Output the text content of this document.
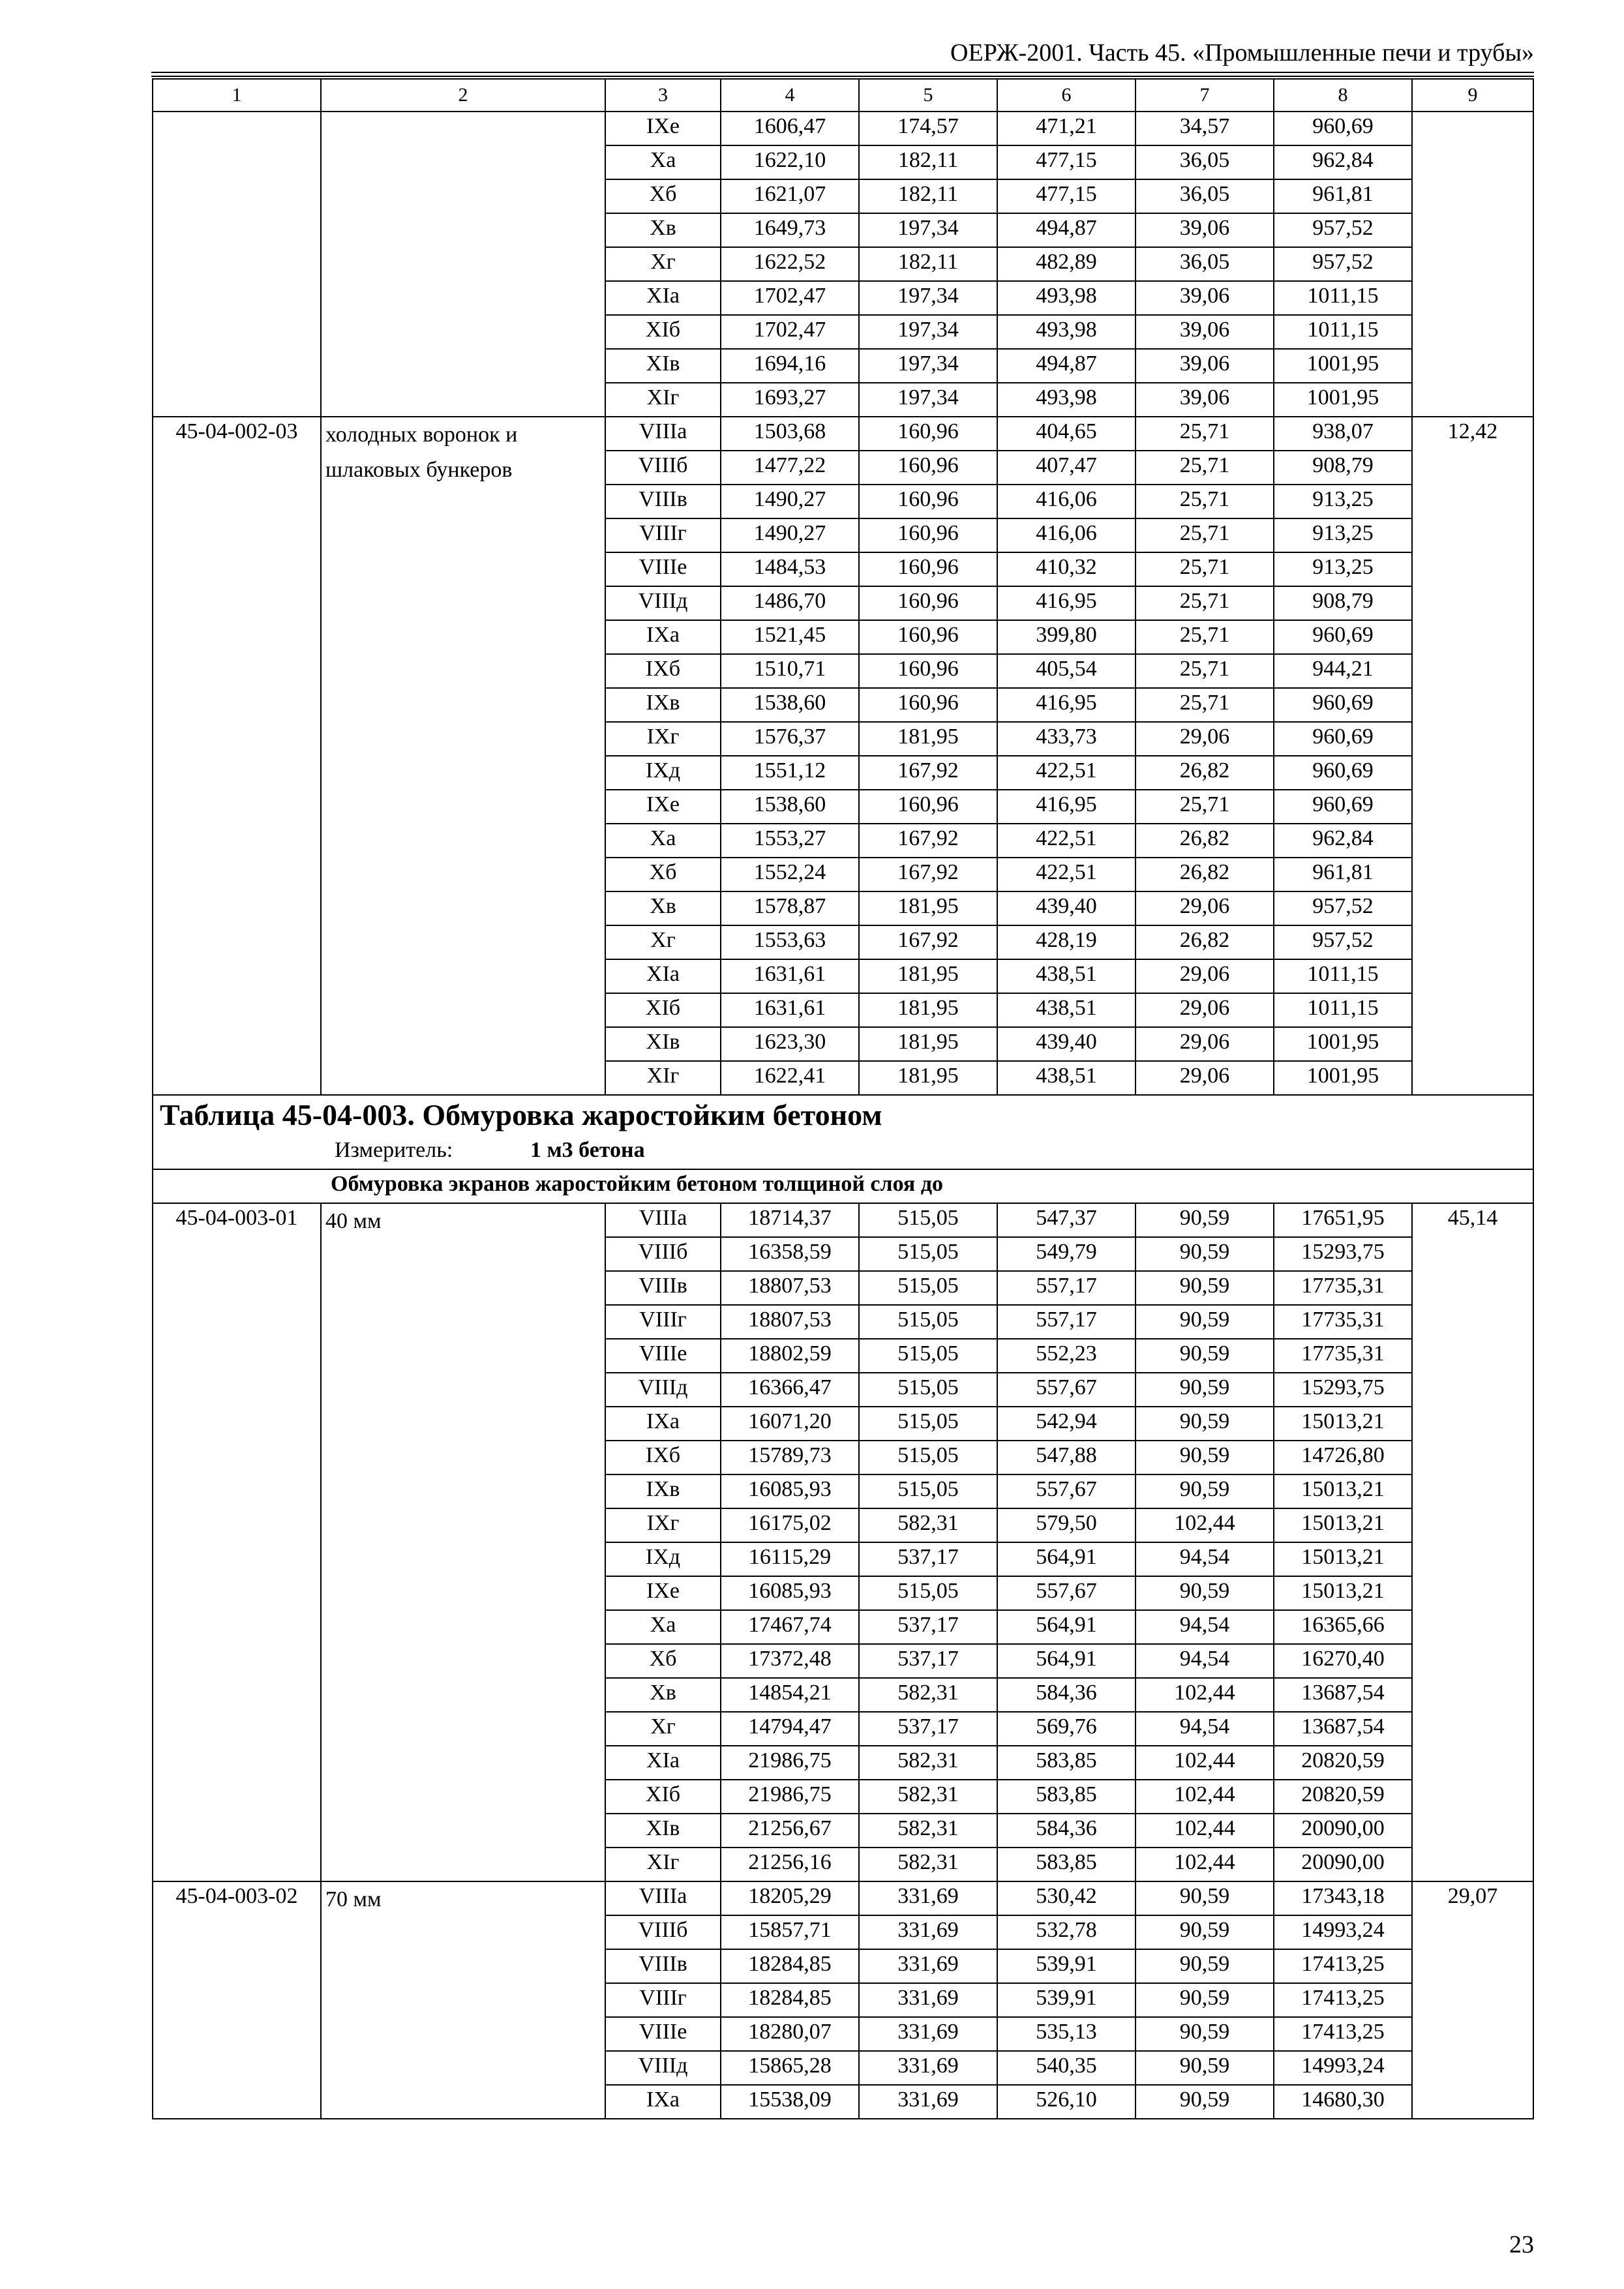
ОЕРЖ-2001. Часть 45. «Промышленные печи и трубы»
1	2	3	4	5	6	7	8	9
		IXe	1606,47	174,57	471,21	34,57	960,69	
		Xa	1622,10	182,11	477,15	36,05	962,84	
		Xб	1621,07	182,11	477,15	36,05	961,81	
		Xв	1649,73	197,34	494,87	39,06	957,52	
		Xг	1622,52	182,11	482,89	36,05	957,52	
		XIa	1702,47	197,34	493,98	39,06	1011,15	
		XIб	1702,47	197,34	493,98	39,06	1011,15	
		XIв	1694,16	197,34	494,87	39,06	1001,95	
		XIг	1693,27	197,34	493,98	39,06	1001,95	
45-04-002-03	холодных воронок и шлаковых бункеров	VIIIa	1503,68	160,96	404,65	25,71	938,07	12,42
		VIIIб	1477,22	160,96	407,47	25,71	908,79	
		VIIIв	1490,27	160,96	416,06	25,71	913,25	
		VIIIг	1490,27	160,96	416,06	25,71	913,25	
		VIIIe	1484,53	160,96	410,32	25,71	913,25	
		VIIIд	1486,70	160,96	416,95	25,71	908,79	
		IXa	1521,45	160,96	399,80	25,71	960,69	
		IXб	1510,71	160,96	405,54	25,71	944,21	
		IXв	1538,60	160,96	416,95	25,71	960,69	
		IXг	1576,37	181,95	433,73	29,06	960,69	
		IXд	1551,12	167,92	422,51	26,82	960,69	
		IXe	1538,60	160,96	416,95	25,71	960,69	
		Xa	1553,27	167,92	422,51	26,82	962,84	
		Xб	1552,24	167,92	422,51	26,82	961,81	
		Xв	1578,87	181,95	439,40	29,06	957,52	
		Xг	1553,63	167,92	428,19	26,82	957,52	
		XIa	1631,61	181,95	438,51	29,06	1011,15	
		XIб	1631,61	181,95	438,51	29,06	1011,15	
		XIв	1623,30	181,95	439,40	29,06	1001,95	
		XIг	1622,41	181,95	438,51	29,06	1001,95	
Таблица 45-04-003. Обмуровка жаростойким бетоном								
Измеритель: 1 м3 бетона								
Обмуровка экранов жаростойким бетоном толщиной слоя до								
45-04-003-01	40 мм	VIIIa	18714,37	515,05	547,37	90,59	17651,95	45,14
		VIIIб	16358,59	515,05	549,79	90,59	15293,75	
		VIIIв	18807,53	515,05	557,17	90,59	17735,31	
		VIIIг	18807,53	515,05	557,17	90,59	17735,31	
		VIIIe	18802,59	515,05	552,23	90,59	17735,31	
		VIIIд	16366,47	515,05	557,67	90,59	15293,75	
		IXa	16071,20	515,05	542,94	90,59	15013,21	
		IXб	15789,73	515,05	547,88	90,59	14726,80	
		IXв	16085,93	515,05	557,67	90,59	15013,21	
		IXг	16175,02	582,31	579,50	102,44	15013,21	
		IXд	16115,29	537,17	564,91	94,54	15013,21	
		IXe	16085,93	515,05	557,67	90,59	15013,21	
		Xa	17467,74	537,17	564,91	94,54	16365,66	
		Xб	17372,48	537,17	564,91	94,54	16270,40	
		Xв	14854,21	582,31	584,36	102,44	13687,54	
		Xг	14794,47	537,17	569,76	94,54	13687,54	
		XIa	21986,75	582,31	583,85	102,44	20820,59	
		XIб	21986,75	582,31	583,85	102,44	20820,59	
		XIв	21256,67	582,31	584,36	102,44	20090,00	
		XIг	21256,16	582,31	583,85	102,44	20090,00	
45-04-003-02	70 мм	VIIIa	18205,29	331,69	530,42	90,59	17343,18	29,07
		VIIIб	15857,71	331,69	532,78	90,59	14993,24	
		VIIIв	18284,85	331,69	539,91	90,59	17413,25	
		VIIIг	18284,85	331,69	539,91	90,59	17413,25	
		VIIIe	18280,07	331,69	535,13	90,59	17413,25	
		VIIIд	15865,28	331,69	540,35	90,59	14993,24	
		IXa	15538,09	331,69	526,10	90,59	14680,30	
23
